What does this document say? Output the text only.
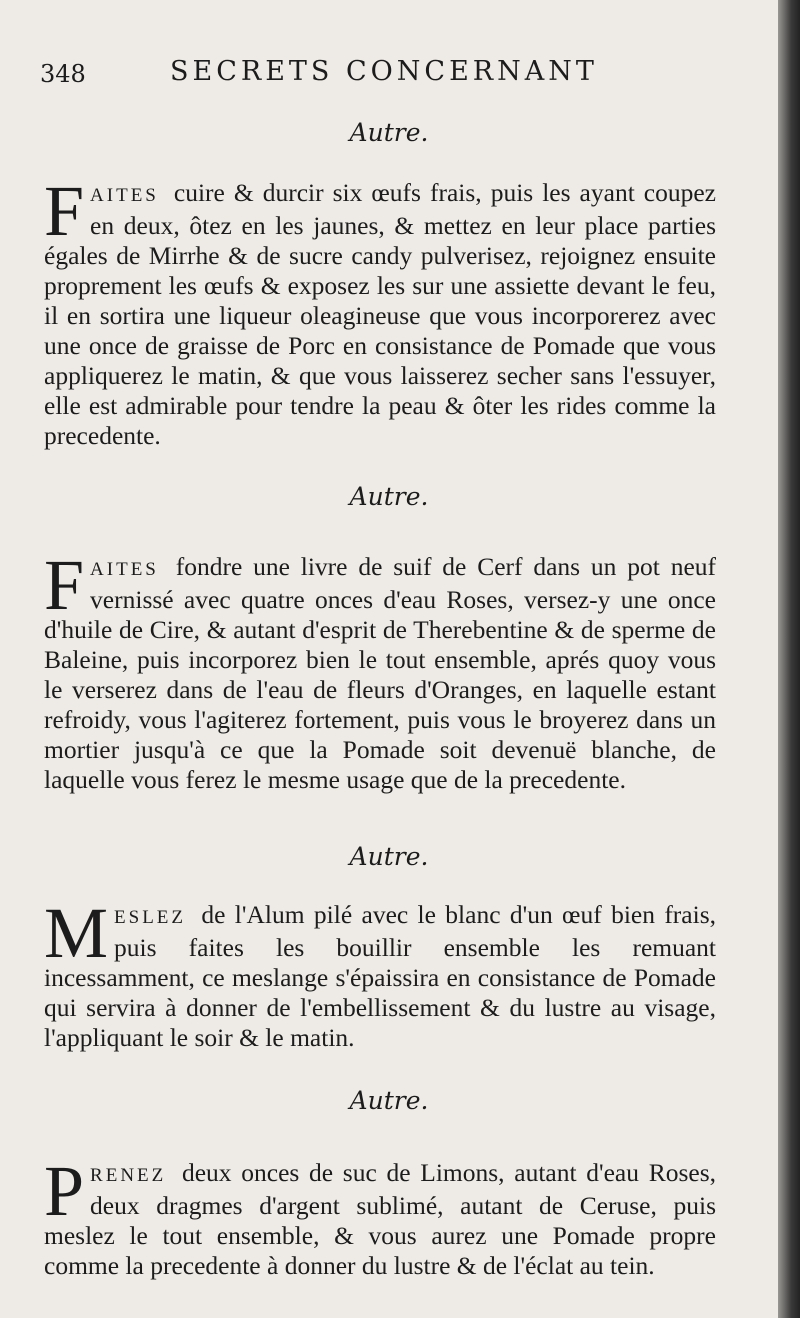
348	SECRETS CONCERNANT
Autre.
F AITES cuire & durcir six œufs frais, puis les ayant coupez en deux, ôtez en les jaunes, & mettez en leur place parties égales de Mirrhe & de sucre candy pulverisez, rejoignez ensuite proprement les œufs & exposez les sur une assiette devant le feu, il en sortira une liqueur oleagineuse que vous incorporerez avec une once de graisse de Porc en consistance de Pomade que vous appliquerez le matin, & que vous laisserez secher sans l'essuyer, elle est admirable pour tendre la peau & ôter les rides comme la precedente.
Autre.
F AITES fondre une livre de suif de Cerf dans un pot neuf vernissé avec quatre onces d'eau Roses, versez-y une once d'huile de Cire, & autant d'esprit de Therebentine & de sperme de Baleine, puis incorporez bien le tout ensemble, aprés quoy vous le verserez dans de l'eau de fleurs d'Oranges, en laquelle estant refroidy, vous l'agiterez fortement, puis vous le broyerez dans un mortier jusqu'à ce que la Pomade soit devenuë blanche, de laquelle vous ferez le mesme usage que de la precedente.
Autre.
M ESLEZ de l'Alum pilé avec le blanc d'un œuf bien frais, puis faites les bouillir ensemble les remuant incessamment, ce meslange s'épaissira en consistance de Pomade qui servira à donner de l'embellissement & du lustre au visage, l'appliquant le soir & le matin.
Autre.
P RENEZ deux onces de suc de Limons, autant d'eau Roses, deux dragmes d'argent sublimé, autant de Ceruse, puis meslez le tout ensemble, & vous aurez une Pomade propre comme la precedente à donner du lustre & de l'éclat au tein.
